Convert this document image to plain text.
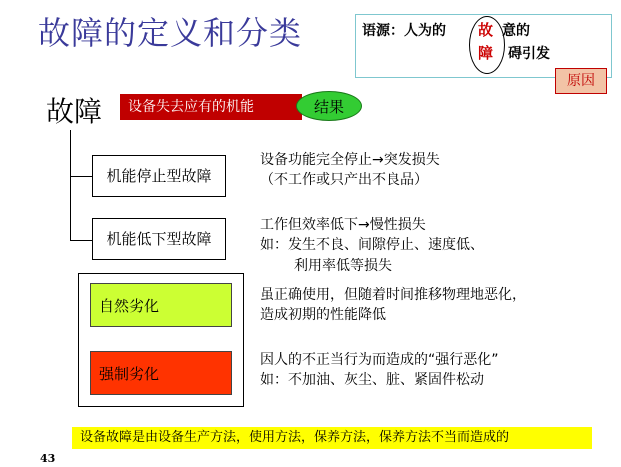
故障的定义和分类	语源：人为的 故 意的
障 碍引发
原因
故障	设备失去应有的机能	结果
机能停止型故障
设备功能完全停止→突发损失
（不工作或只产出不良品）
机能低下型故障
工作但效率低下→慢性损失
如：发生不良、间隙停止、速度低、
利用率低等损失
自然劣化
虽正确使用，但随着时间推移物理地恶化，
造成初期的性能降低
强制劣化
因人的不正当行为而造成的“强行恶化”
如：不加油、灰尘、脏、紧固件松动
设备故障是由设备生产方法，使用方法，保养方法，保养方法不当而造成的
43
